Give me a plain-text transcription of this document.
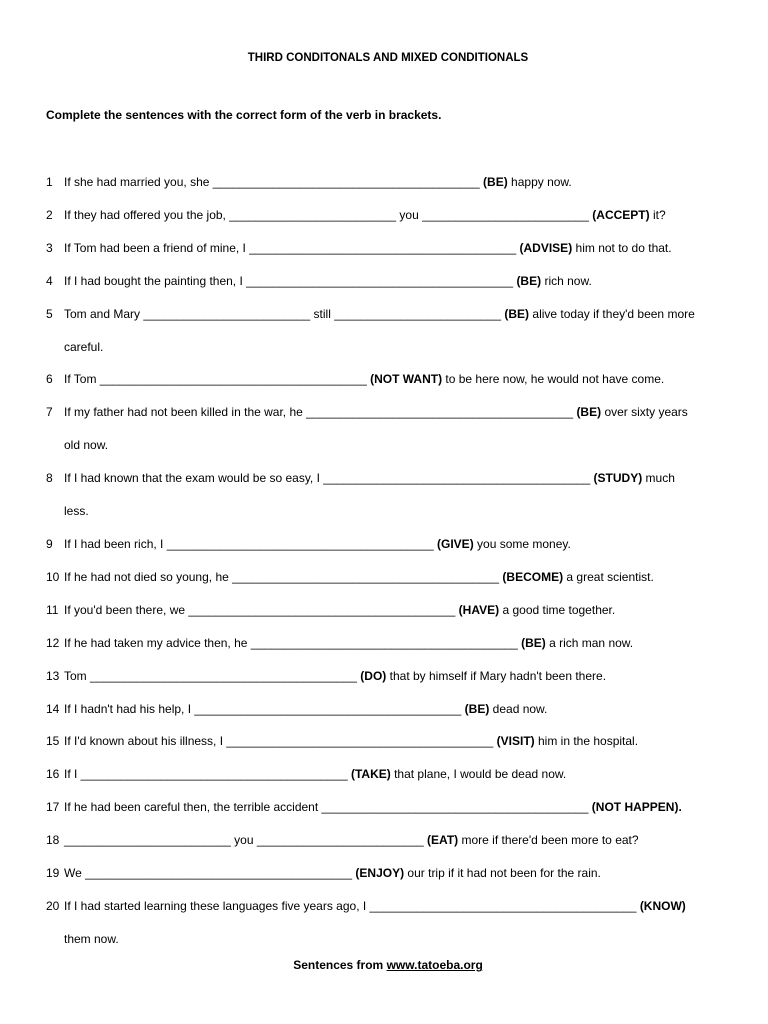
THIRD CONDITONALS AND MIXED CONDITIONALS
Complete the sentences with the correct form of the verb in brackets.
1 If she had married you, she ________________________________________ (BE) happy now.
2 If they had offered you the job, _________________________ you _________________________ (ACCEPT) it?
3 If Tom had been a friend of mine, I ________________________________________ (ADVISE) him not to do that.
4 If I had bought the painting then, I ________________________________________ (BE) rich now.
5 Tom and Mary _________________________ still _________________________ (BE) alive today if they'd been more
careful.
6 If Tom ________________________________________ (NOT WANT) to be here now, he would not have come.
7 If my father had not been killed in the war, he ________________________________________ (BE) over sixty years
old now.
8 If I had known that the exam would be so easy, I ________________________________________ (STUDY) much
less.
9 If I had been rich, I ________________________________________ (GIVE) you some money.
10 If he had not died so young, he ________________________________________ (BECOME) a great scientist.
11 If you'd been there, we ________________________________________ (HAVE) a good time together.
12 If he had taken my advice then, he ________________________________________ (BE) a rich man now.
13 Tom ________________________________________ (DO) that by himself if Mary hadn't been there.
14 If I hadn't had his help, I ________________________________________ (BE) dead now.
15 If I'd known about his illness, I ________________________________________ (VISIT) him in the hospital.
16 If I ________________________________________ (TAKE) that plane, I would be dead now.
17 If he had been careful then, the terrible accident ________________________________________ (NOT HAPPEN).
18 _________________________ you _________________________ (EAT) more if there'd been more to eat?
19 We ________________________________________ (ENJOY) our trip if it had not been for the rain.
20 If I had started learning these languages five years ago, I ________________________________________ (KNOW)
them now.
Sentences from www.tatoeba.org
